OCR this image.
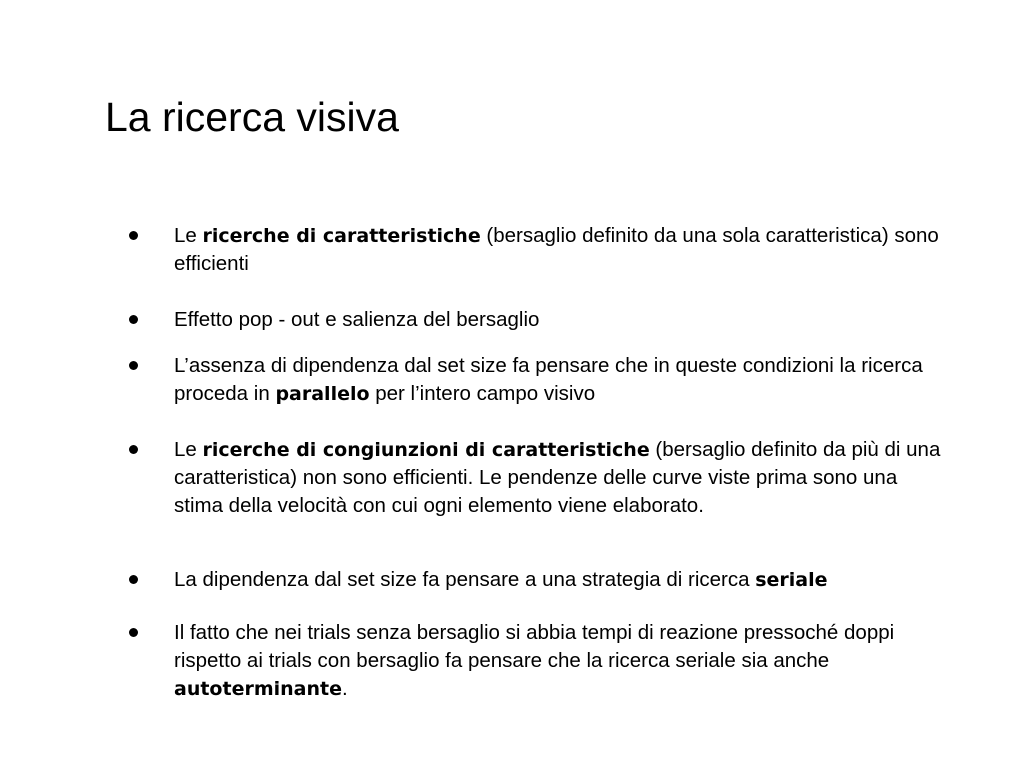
La ricerca visiva

Le ricerche di caratteristiche (bersaglio definito da una sola caratteristica) sono efficienti

Effetto pop - out e salienza del bersaglio

L’assenza di dipendenza dal set size fa pensare che in queste condizioni la ricerca proceda in parallelo per l’intero campo visivo

Le ricerche di congiunzioni di caratteristiche (bersaglio definito da più di una caratteristica) non sono efficienti. Le pendenze delle curve viste prima sono una stima della velocità con cui ogni elemento viene elaborato.

La dipendenza dal set size fa pensare a una strategia di ricerca seriale

Il fatto che nei trials senza bersaglio si abbia tempi di reazione pressoché doppi rispetto ai trials con bersaglio fa pensare che la ricerca seriale sia anche autoterminante.
